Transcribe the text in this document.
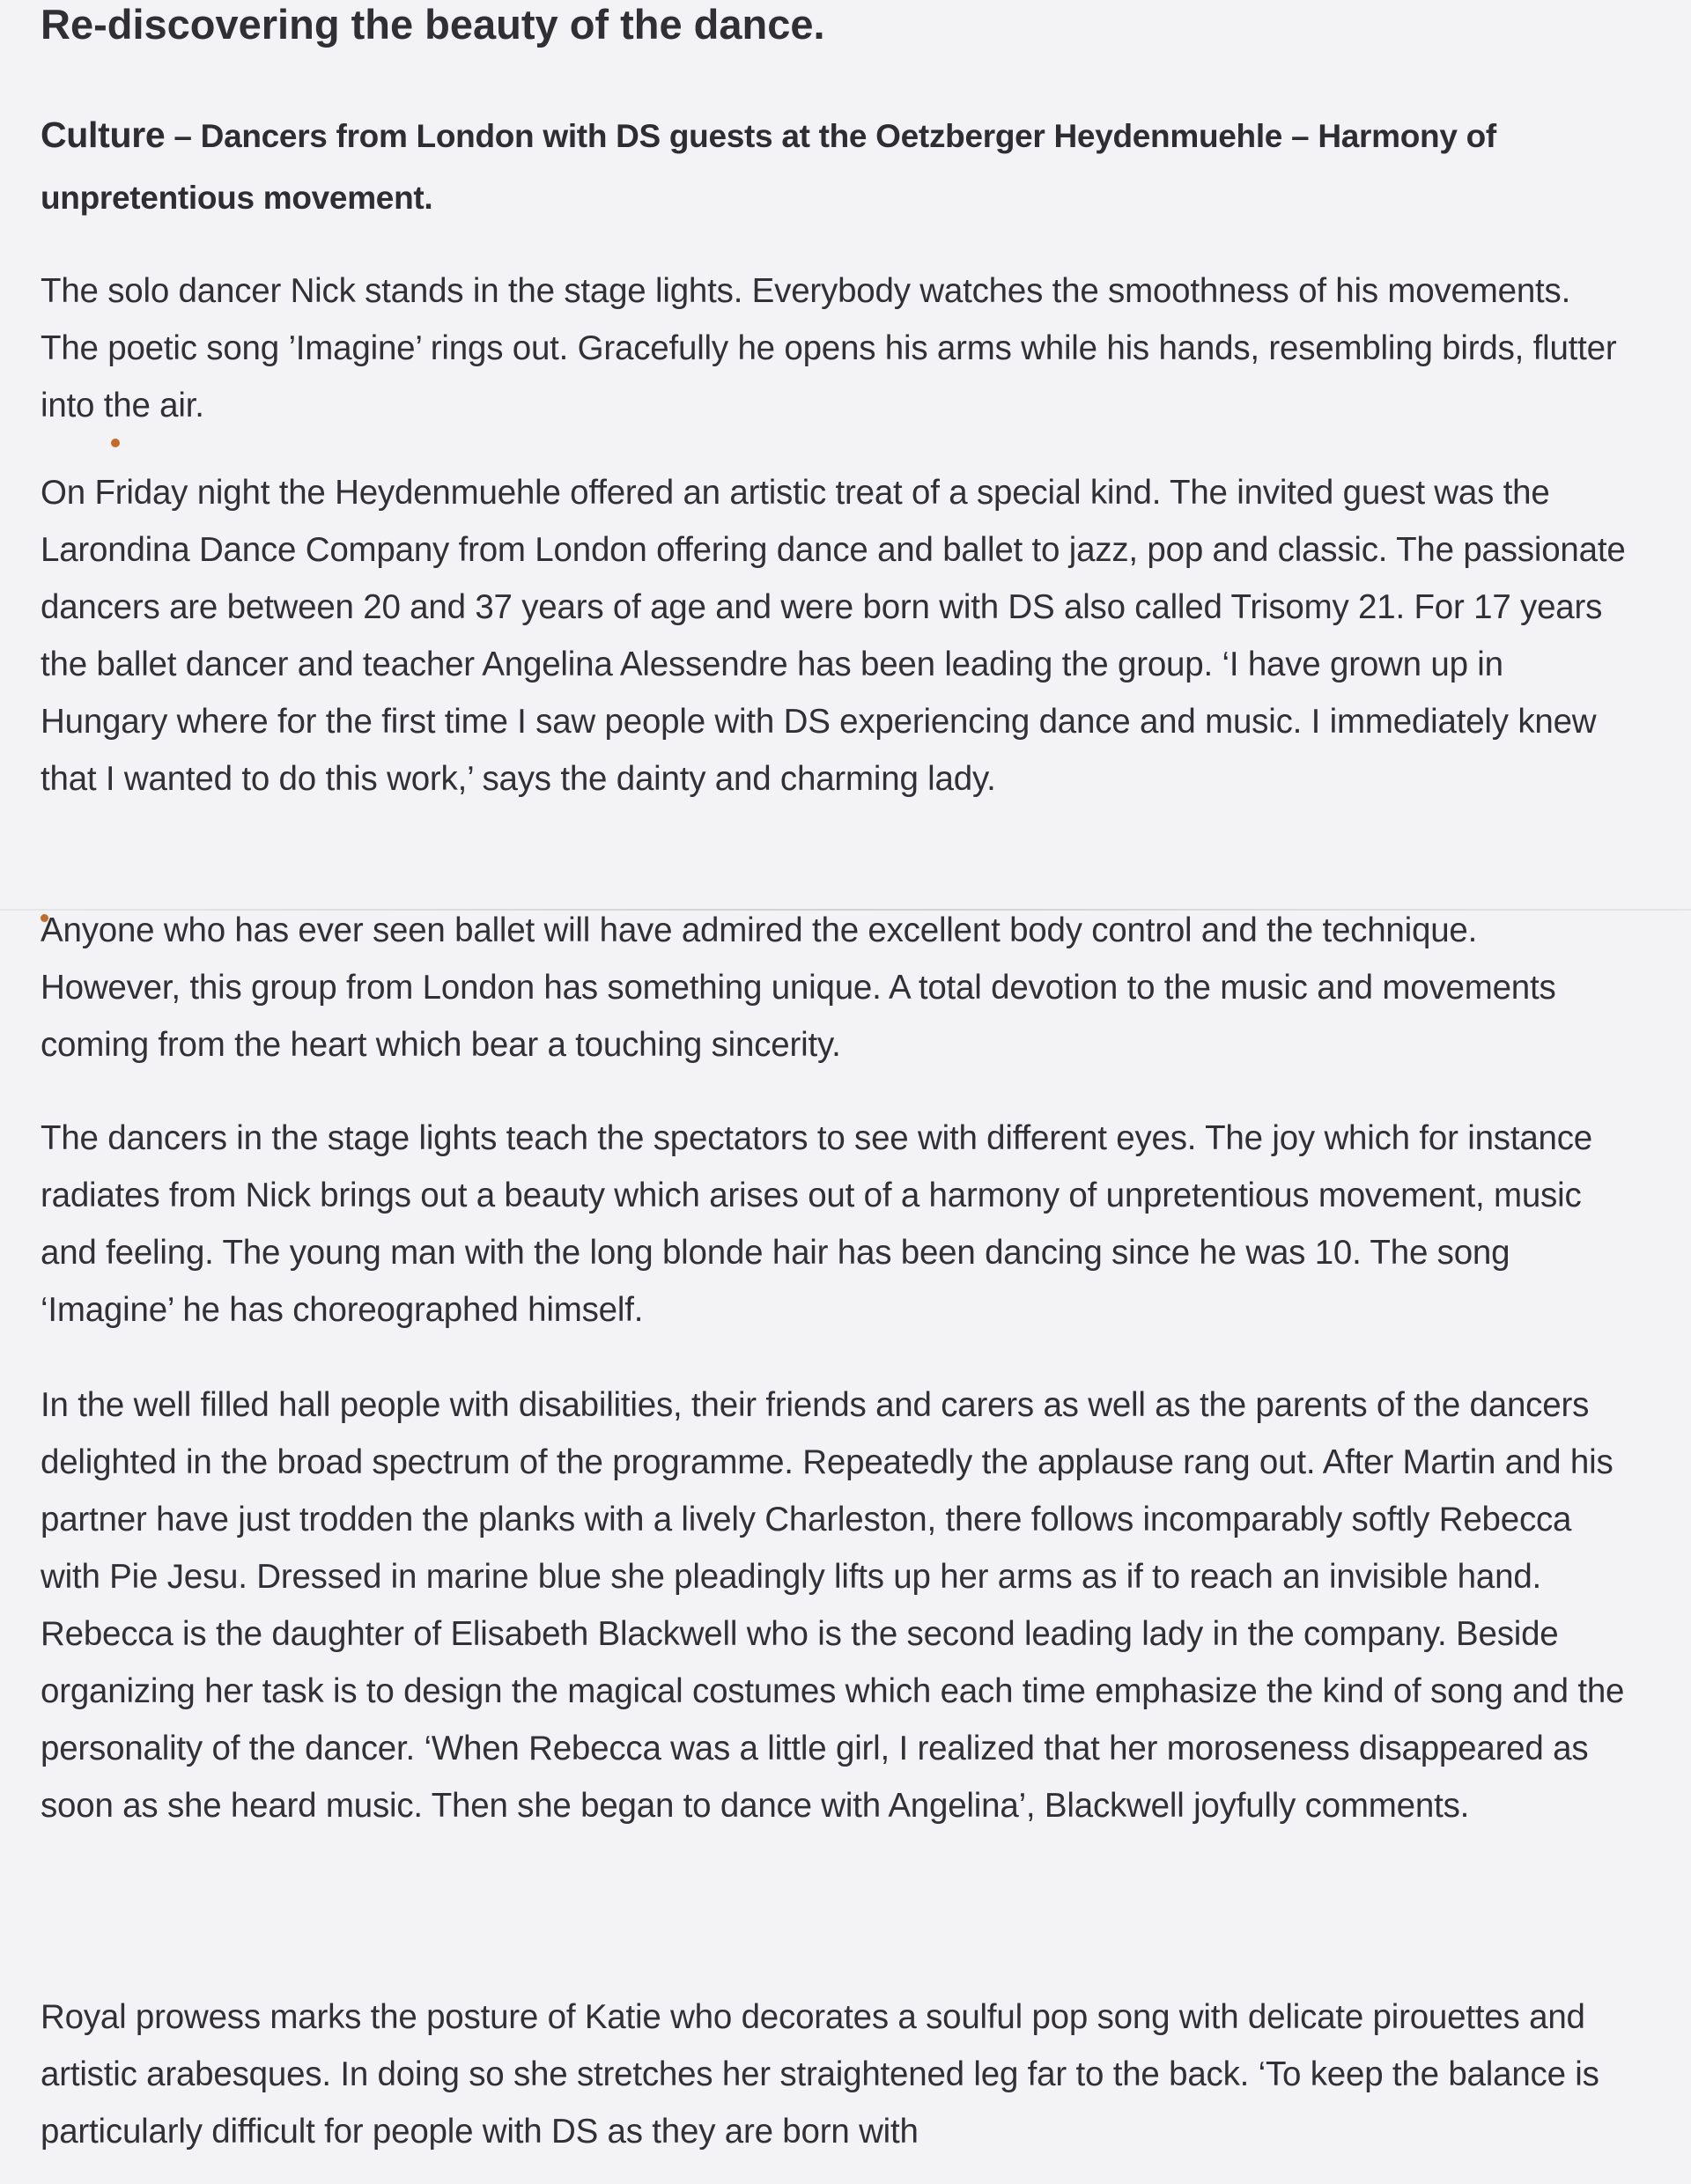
Re-discovering the beauty of the dance.
Culture – Dancers from London with DS guests at the Oetzberger Heydenmuehle – Harmony of unpretentious movement.

The solo dancer Nick stands in the stage lights. Everybody watches the smoothness of his movements. The poetic song ’Imagine’ rings out. Gracefully he opens his arms while his hands, resembling birds, flutter into the air.

On Friday night the Heydenmuehle offered an artistic treat of a special kind. The invited guest was the Larondina Dance Company from London offering dance and ballet to jazz, pop and classic. The passionate dancers are between 20 and 37 years of age and were born with DS also called Trisomy 21. For 17 years the ballet dancer and teacher Angelina Alessendre has been leading the group. ‘I have grown up in Hungary where for the first time I saw people with DS experiencing dance and music. I immediately knew that I wanted to do this work,’ says the dainty and charming lady.

Anyone who has ever seen ballet will have admired the excellent body control and the technique. However, this group from London has something unique. A total devotion to the music and movements coming from the heart which bear a touching sincerity.

The dancers in the stage lights teach the spectators to see with different eyes. The joy which for instance radiates from Nick brings out a beauty which arises out of a harmony of unpretentious movement, music and feeling. The young man with the long blonde hair has been dancing since he was 10. The song ‘Imagine’ he has choreographed himself.

In the well filled hall people with disabilities, their friends and carers as well as the parents of the dancers delighted in the broad spectrum of the programme. Repeatedly the applause rang out. After Martin and his partner have just trodden the planks with a lively Charleston, there follows incomparably softly Rebecca with Pie Jesu. Dressed in marine blue she pleadingly lifts up her arms as if to reach an invisible hand. Rebecca is the daughter of Elisabeth Blackwell who is the second leading lady in the company. Beside organizing her task is to design the magical costumes which each time emphasize the kind of song and the personality of the dancer. ‘When Rebecca was a little girl, I realized that her moroseness disappeared as soon as she heard music. Then she began to dance with Angelina’, Blackwell joyfully comments.

Royal prowess marks the posture of Katie who decorates a soulful pop song with delicate pirouettes and artistic arabesques. In doing so she stretches her straightened leg far to the back. ‘To keep the balance is particularly difficult for people with DS as they are born with
